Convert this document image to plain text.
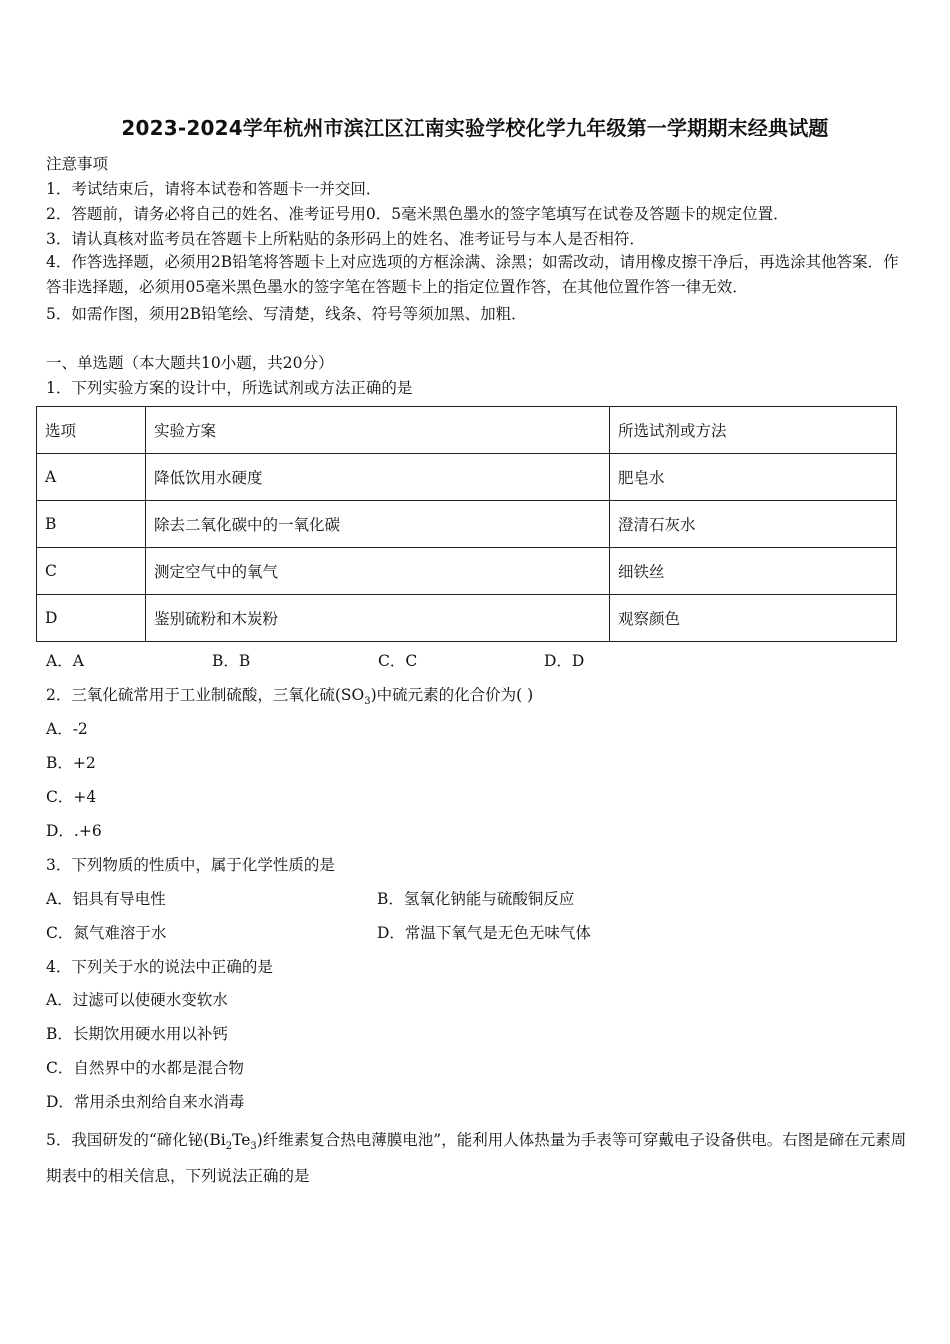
2023-2024学年杭州市滨江区江南实验学校化学九年级第一学期期末经典试题
注意事项
1．考试结束后，请将本试卷和答题卡一并交回．
2．答题前，请务必将自己的姓名、准考证号用0．5毫米黑色墨水的签字笔填写在试卷及答题卡的规定位置．
3．请认真核对监考员在答题卡上所粘贴的条形码上的姓名、准考证号与本人是否相符．
4．作答选择题，必须用2B铅笔将答题卡上对应选项的方框涂满、涂黑；如需改动，请用橡皮擦干净后，再选涂其他答案．作答非选择题，必须用05毫米黑色墨水的签字笔在答题卡上的指定位置作答，在其他位置作答一律无效．
5．如需作图，须用2B铅笔绘、写清楚，线条、符号等须加黑、加粗．
一、单选题（本大题共10小题，共20分）
1．下列实验方案的设计中，所选试剂或方法正确的是
选项	实验方案	所选试剂或方法
A	降低饮用水硬度	肥皂水
B	除去二氧化碳中的一氧化碳	澄清石灰水
C	测定空气中的氧气	细铁丝
D	鉴别硫粉和木炭粉	观察颜色
A．A	B．B	C．C	D．D
2．三氧化硫常用于工业制硫酸，三氧化硫$(SO_3)$中硫元素的化合价为( )
A．-2
B．+2
C．+4
D．.+6
3．下列物质的性质中，属于化学性质的是
A．铝具有导电性	B．氢氧化钠能与硫酸铜反应
C．氮气难溶于水	D．常温下氧气是无色无味气体
4．下列关于水的说法中正确的是
A．过滤可以使硬水变软水
B．长期饮用硬水用以补钙
C．自然界中的水都是混合物
D．常用杀虫剂给自来水消毒
5．我国研发的“碲化铋$(Bi_2Te_3)$纤维素复合热电薄膜电池”，能利用人体热量为手表等可穿戴电子设备供电。右图是碲在元素周期表中的相关信息，下列说法正确的是
